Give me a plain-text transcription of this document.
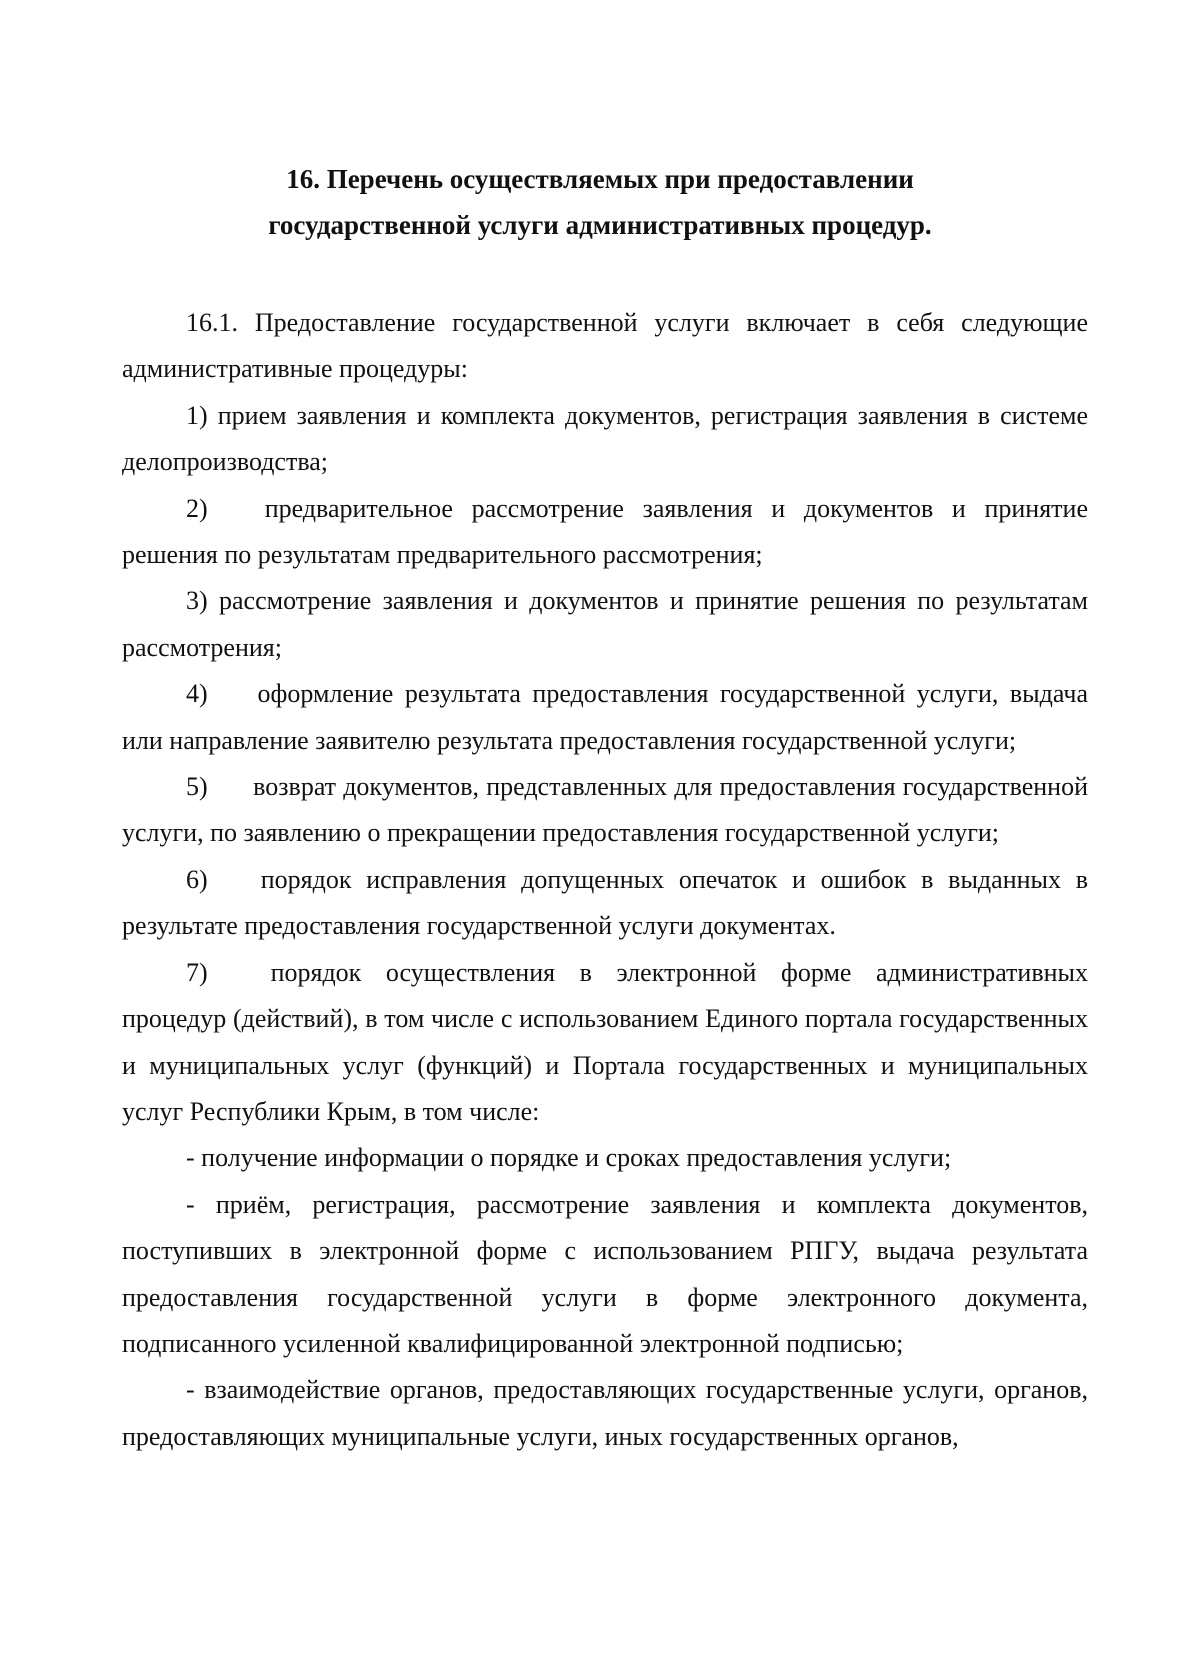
16. Перечень осуществляемых при предоставлении
государственной услуги административных процедур.

16.1. Предоставление государственной услуги включает в себя следующие административные процедуры:

1) прием заявления и комплекта документов, регистрация заявления в системе делопроизводства;

2) предварительное рассмотрение заявления и документов и принятие решения по результатам предварительного рассмотрения;

3) рассмотрение заявления и документов и принятие решения по результатам рассмотрения;

4) оформление результата предоставления государственной услуги, выдача или направление заявителю результата предоставления государственной услуги;

5) возврат документов, представленных для предоставления государственной услуги, по заявлению о прекращении предоставления государственной услуги;

6) порядок исправления допущенных опечаток и ошибок в выданных в результате предоставления государственной услуги документах.

7) порядок осуществления в электронной форме административных процедур (действий), в том числе с использованием Единого портала государственных и муниципальных услуг (функций) и Портала государственных и муниципальных услуг Республики Крым, в том числе:

- получение информации о порядке и сроках предоставления услуги;

- приём, регистрация, рассмотрение заявления и комплекта документов, поступивших в электронной форме с использованием РПГУ, выдача результата предоставления государственной услуги в форме электронного документа, подписанного усиленной квалифицированной электронной подписью;

- взаимодействие органов, предоставляющих государственные услуги, органов, предоставляющих муниципальные услуги, иных государственных органов,
